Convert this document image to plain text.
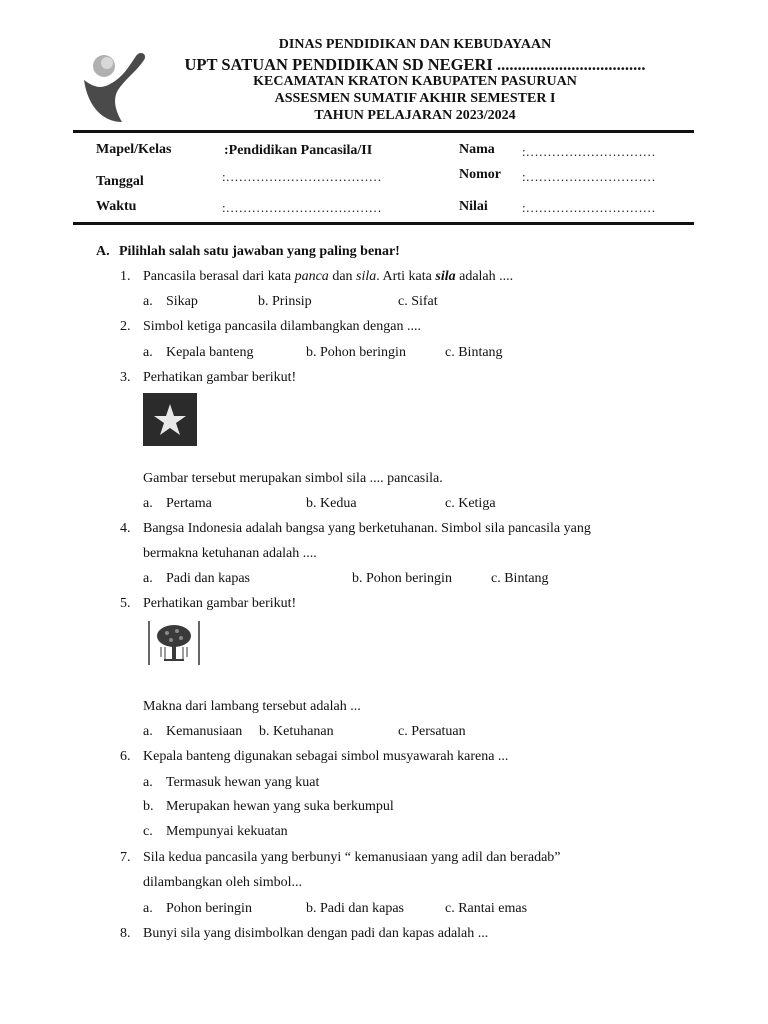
DINAS PENDIDIKAN DAN KEBUDAYAAN
UPT SATUAN PENDIDIKAN SD NEGERI ....................................
KECAMATAN KRATON KABUPATEN PASURUAN
ASSESMEN SUMATIF AKHIR SEMESTER I
TAHUN PELAJARAN 2023/2024
Mapel/Kelas	:Pendidikan Pancasila/II	Nama :…………………………
Tanggal	:………………………………	Nomor :…………………………
Waktu	:………………………………	Nilai	:…………………………
A. Pilihlah salah satu jawaban yang paling benar!
1. Pancasila berasal dari kata panca dan sila. Arti kata sila adalah ....
a. Sikap	b. Prinsip	c. Sifat
2. Simbol ketiga pancasila dilambangkan dengan ....
a. Kepala banteng	b. Pohon beringin	c. Bintang
3. Perhatikan gambar berikut!
Gambar tersebut merupakan simbol sila .... pancasila.
a. Pertama	b. Kedua	c. Ketiga
4. Bangsa Indonesia adalah bangsa yang berketuhanan. Simbol sila pancasila yang
bermakna ketuhanan adalah ....
a. Padi dan kapas	b. Pohon beringin	c. Bintang
5. Perhatikan gambar berikut!
Makna dari lambang tersebut adalah ...
a. Kemanusiaan b. Ketuhanan	c. Persatuan
6. Kepala banteng digunakan sebagai simbol musyawarah karena ...
a. Termasuk hewan yang kuat
b. Merupakan hewan yang suka berkumpul
c. Mempunyai kekuatan
7. Sila kedua pancasila yang berbunyi “ kemanusiaan yang adil dan beradab”
dilambangkan oleh simbol...
a. Pohon beringin	b. Padi dan kapas	c. Rantai emas
8. Bunyi sila yang disimbolkan dengan padi dan kapas adalah ...
